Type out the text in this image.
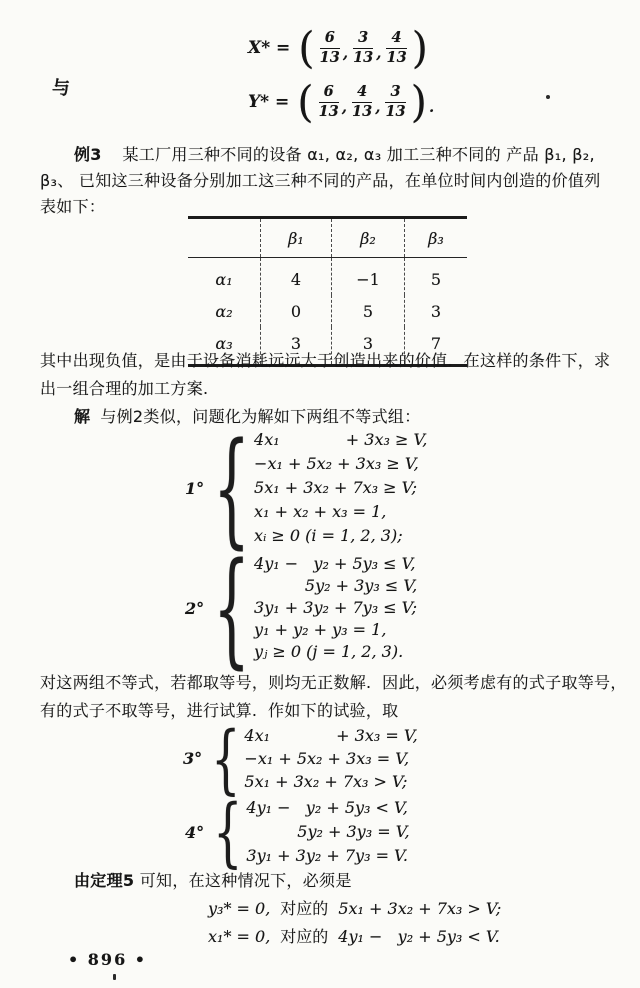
X* = ( $\frac{6}{13}$ , $\frac{3}{13}$ , $\frac{4}{13}$ )
与
Y* = ( $\frac{6}{13}$ , $\frac{4}{13}$ , $\frac{3}{13}$ ) .
例3  某工厂用三种不同的设备 α₁, α₂, α₃ 加工三种不同的 产品 β₁, β₂,
β₃、 已知这三种设备分别加工这三种不同的产品，在单位时间内创造的价值列
表如下：
	β₁	β₂	β₃
α₁	4	−1	5
α₂	0	5	3
α₃	3	3	7
其中出现负值，是由于设备消耗远远大于创造出来的价值.  在这样的条件下，求
出一组合理的加工方案.
解 与例2类似，问题化为解如下两组不等式组：
1° { 4x₁             + 3x₃ ≥ V,
−x₁ + 5x₂ + 3x₃ ≥ V,
5x₁ + 3x₂ + 7x₃ ≥ V;
x₁ + x₂ + x₃ = 1,
xᵢ ≥ 0 (i = 1, 2, 3);
2° { 4y₁ −   y₂ + 5y₃ ≤ V,
5y₂ + 3y₃ ≤ V,
3y₁ + 3y₂ + 7y₃ ≤ V;
y₁ + y₂ + y₃ = 1,
yⱼ ≥ 0 (j = 1, 2, 3).
对这两组不等式，若都取等号，则均无正数解.  因此，必须考虑有的式子取等号，
有的式子不取等号，进行试算.  作如下的试验，取
3° { 4x₁             + 3x₃ = V,
−x₁ + 5x₂ + 3x₃ = V,
5x₁ + 3x₂ + 7x₃ > V;
4° { 4y₁ −   y₂ + 5y₃ < V,
5y₂ + 3y₃ = V,
3y₁ + 3y₂ + 7y₃ = V.
由定理5 可知，在这种情况下，必须是
y₃* = 0, 对应的 5x₁ + 3x₂ + 7x₃ > V;
x₁* = 0, 对应的 4y₁ −   y₂ + 5y₃ < V.
• 896 •
